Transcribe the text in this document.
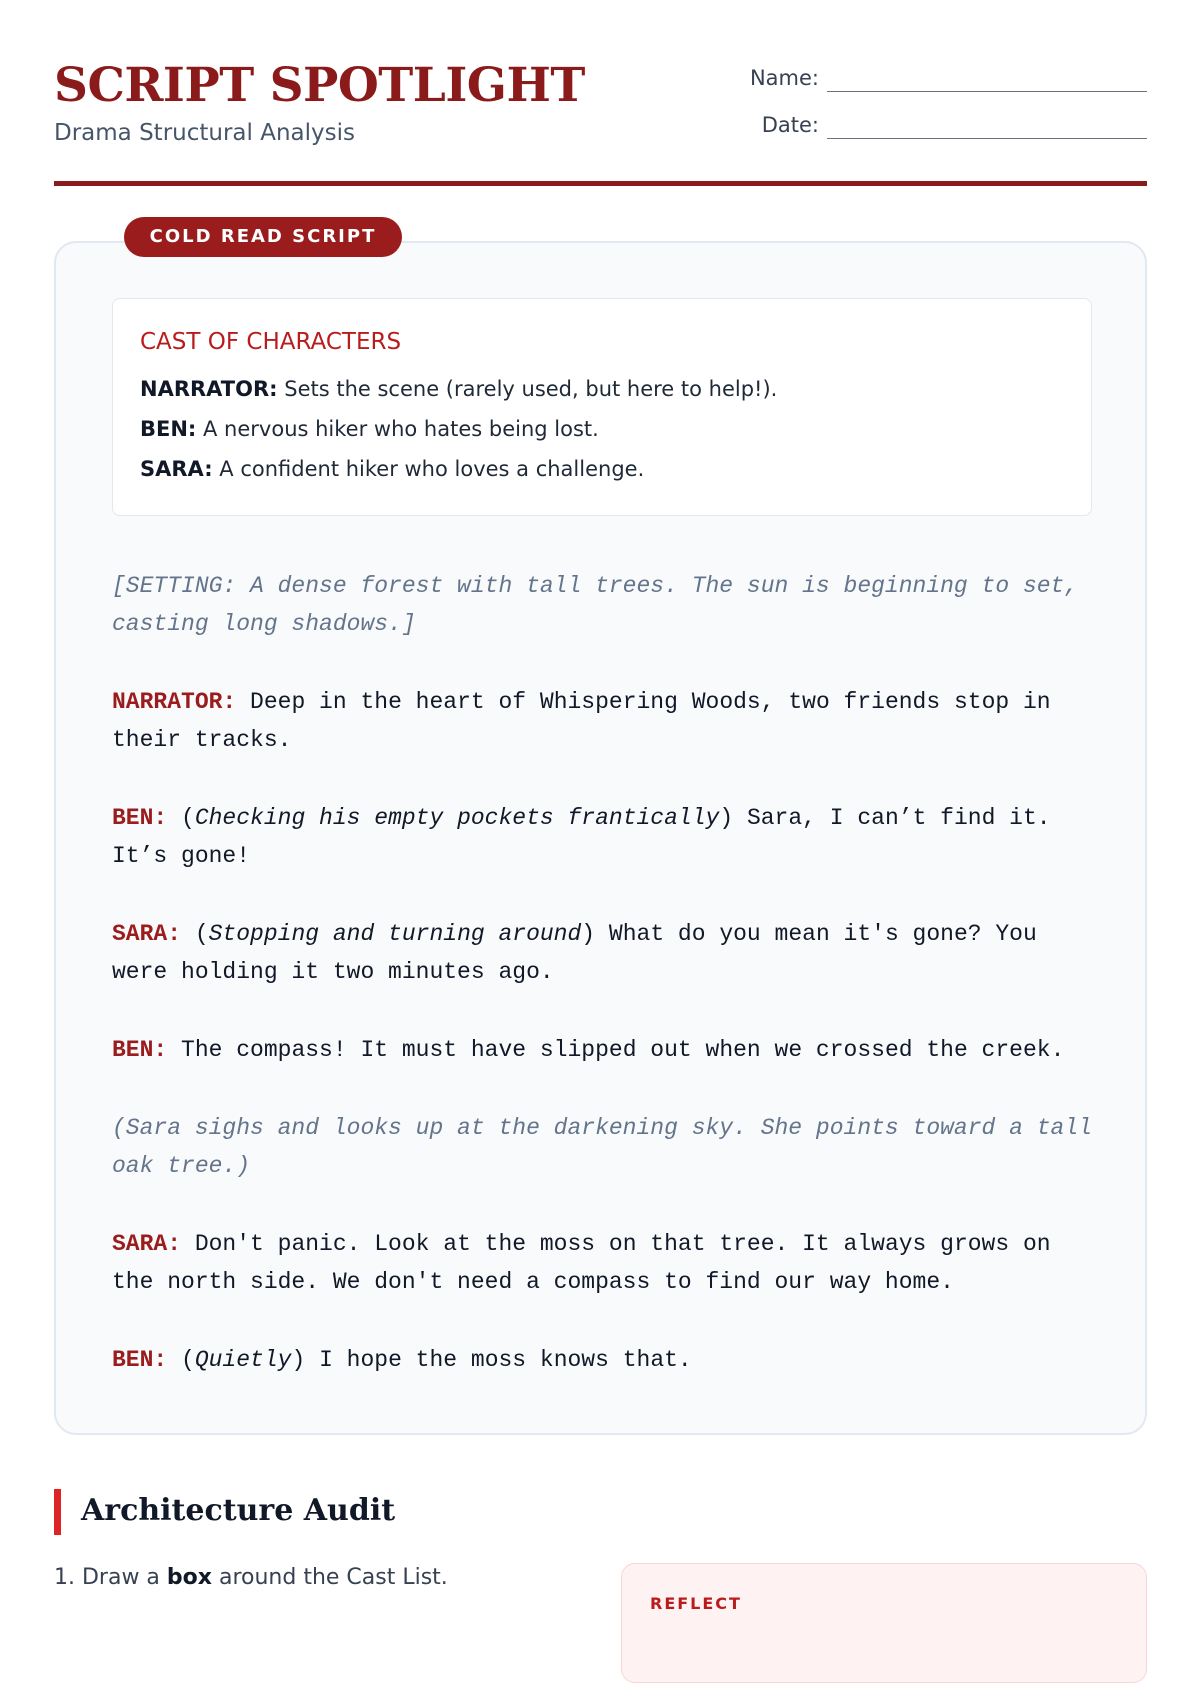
SCRIPT SPOTLIGHT
Drama Structural Analysis
Name:
Date:
CAST OF CHARACTERS
NARRATOR: Sets the scene (rarely used, but here to help!).
BEN: A nervous hiker who hates being lost.
SARA: A confident hiker who loves a challenge.
[SETTING: A dense forest with tall trees. The sun is beginning to set, casting long shadows.]
NARRATOR: Deep in the heart of Whispering Woods, two friends stop in their tracks.
BEN: (Checking his empty pockets frantically) Sara, I can’t find it. It’s gone!
SARA: (Stopping and turning around) What do you mean it's gone? You were holding it two minutes ago.
BEN: The compass! It must have slipped out when we crossed the creek.
(Sara sighs and looks up at the darkening sky. She points toward a tall oak tree.)
SARA: Don't panic. Look at the moss on that tree. It always grows on the north side. We don't need a compass to find our way home.
BEN: (Quietly) I hope the moss knows that.
COLD READ SCRIPT
Architecture Audit
1. Draw a box around the Cast List.
REFLECT
